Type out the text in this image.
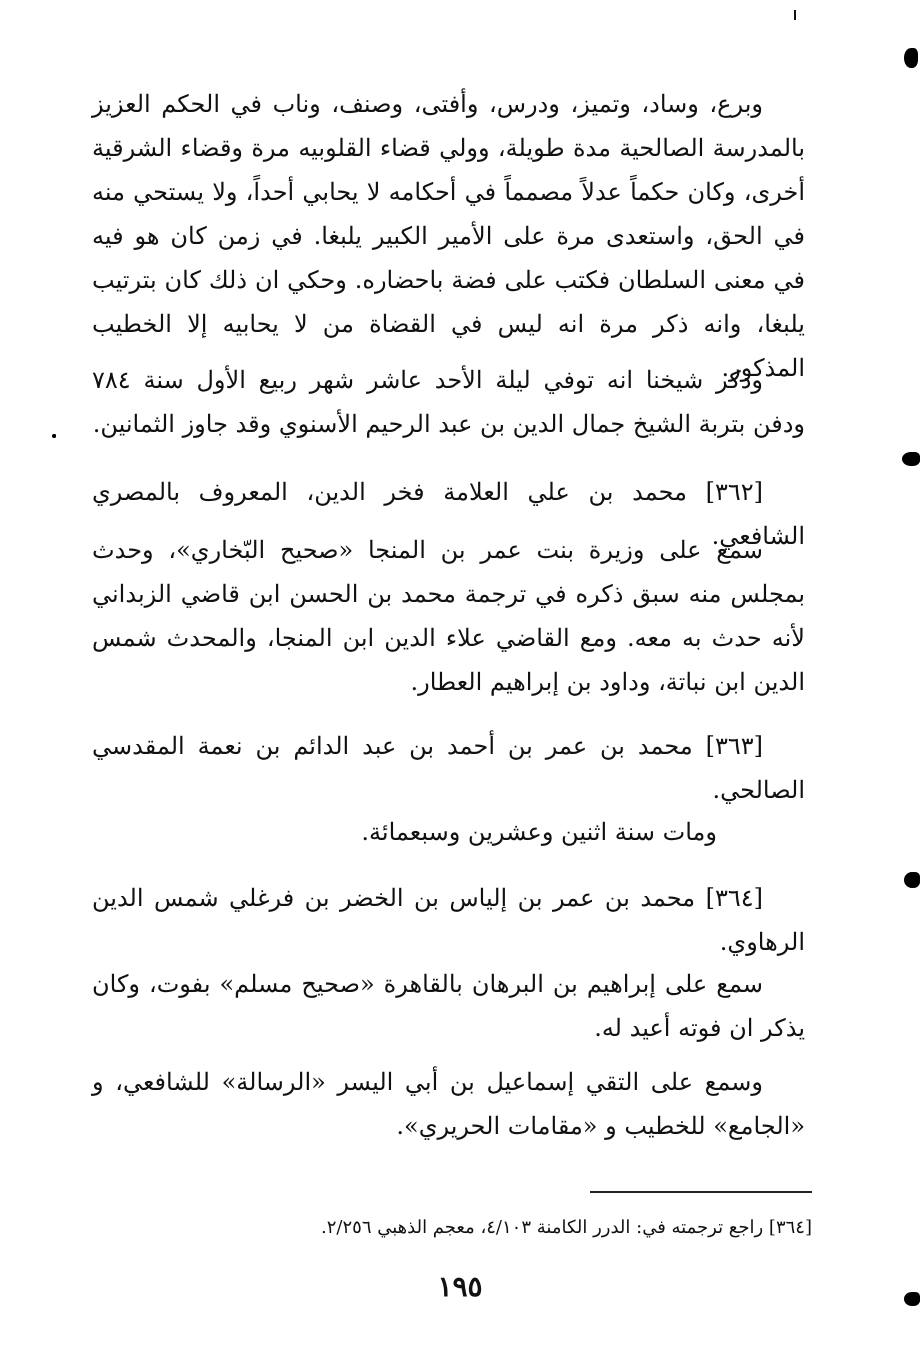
وبرع، وساد، وتميز، ودرس، وأفتى، وصنف، وناب في الحكم العزيز بالمدرسة الصالحية مدة طويلة، وولي قضاء القلوبيه مرة وقضاء الشرقية أخرى، وكان حكماً عدلاً مصمماً في أحكامه لا يحابي أحداً، ولا يستحي منه في الحق، واستعدى مرة على الأمير الكبير يلبغا. في زمن كان هو فيه في معنى السلطان فكتب على فضة باحضاره. وحكي ان ذلك كان بترتيب يلبغا، وانه ذكر مرة انه ليس في القضاة من لا يحابيه إلا الخطيب المذكور.

وذكر شيخنا انه توفي ليلة الأحد عاشر شهر ربيع الأول سنة ٧٨٤ ودفن بتربة الشيخ جمال الدين بن عبد الرحيم الأسنوي وقد جاوز الثمانين.

[٣٦٢] محمد بن علي العلامة فخر الدين، المعروف بالمصري الشافعي.

سمع على وزيرة بنت عمر بن المنجا «صحيح البّخاري»، وحدث بمجلس منه سبق ذكره في ترجمة محمد بن الحسن ابن قاضي الزبداني لأنه حدث به معه. ومع القاضي علاء الدين ابن المنجا، والمحدث شمس الدين ابن نباتة، وداود بن إبراهيم العطار.

[٣٦٣] محمد بن عمر بن أحمد بن عبد الدائم بن نعمة المقدسي الصالحي.

ومات سنة اثنين وعشرين وسبعمائة.

[٣٦٤] محمد بن عمر بن إلياس بن الخضر بن فرغلي شمس الدين الرهاوي.

سمع على إبراهيم بن البرهان بالقاهرة «صحيح مسلم» بفوت، وكان يذكر ان فوته أعيد له.

وسمع على التقي إسماعيل بن أبي اليسر «الرسالة» للشافعي، و «الجامع» للخطيب و «مقامات الحريري».

[٣٦٤] راجع ترجمته في: الدرر الكامنة ٤/١٠٣، معجم الذهبي ٢/٢٥٦.
١٩٥
